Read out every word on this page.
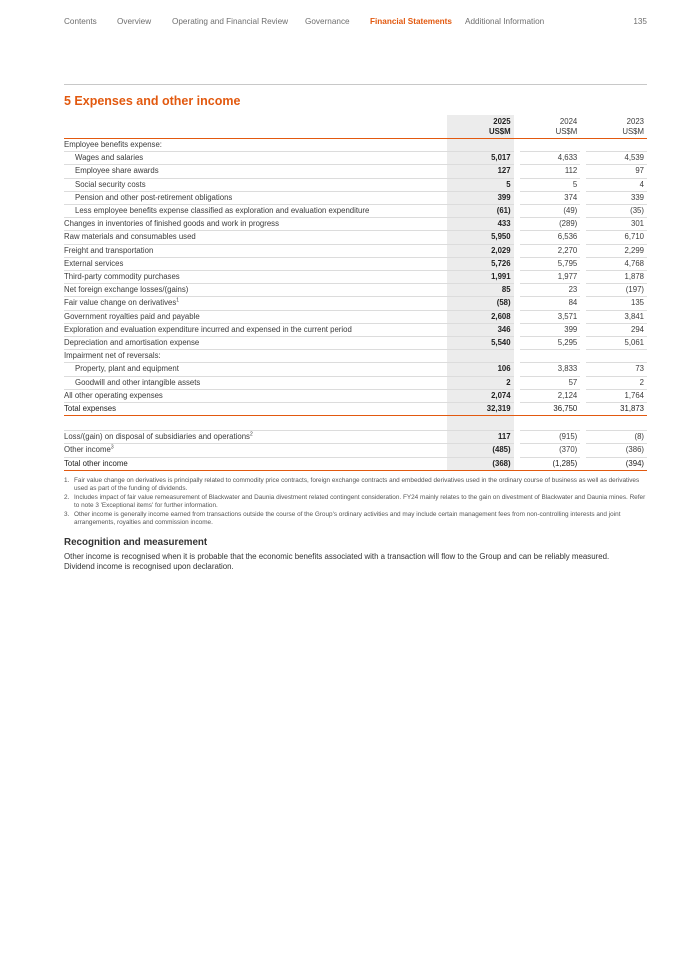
Contents Overview	Operating and Financial Review Governance Financial Statements Additional Information	135
5 Expenses and other income
	2025
US$M		2024
US$M		2023
US$M
Employee benefits expense:					
Wages and salaries	5,017		4,633		4,539
Employee share awards	127		112		97
Social security costs	5		5		4
Pension and other post-retirement obligations	399		374		339
Less employee benefits expense classified as exploration and evaluation expenditure	(61)		(49)		(35)
Changes in inventories of finished goods and work in progress	433		(289)		301
Raw materials and consumables used	5,950		6,536		6,710
Freight and transportation	2,029		2,270		2,299
External services	5,726		5,795		4,768
Third-party commodity purchases	1,991		1,977		1,878
Net foreign exchange losses/(gains)	85		23		(197)
Fair value change on derivatives$^1$	(58)		84		135
Government royalties paid and payable	2,608		3,571		3,841
Exploration and evaluation expenditure incurred and expensed in the current period	346		399		294
Depreciation and amortisation expense	5,540		5,295		5,061
Impairment net of reversals:					
Property, plant and equipment	106		3,833		73
Goodwill and other intangible assets	2		57		2
All other operating expenses	2,074		2,124		1,764
Total expenses	32,319		36,750		31,873

Loss/(gain) on disposal of subsidiaries and operations$^2$	117		(915)		(8)
Other income$^3$	(485)		(370)		(386)
Total other income	(368)		(1,285)		(394)
1. Fair value change on derivatives is principally related to commodity price contracts, foreign exchange contracts and embedded derivatives used in the ordinary course of business as well as derivatives used as part of the funding of dividends.
2. Includes impact of fair value remeasurement of Blackwater and Daunia divestment related contingent consideration. FY24 mainly relates to the gain on divestment of Blackwater and Daunia mines. Refer to note 3 'Exceptional items' for further information.
3. Other income is generally income earned from transactions outside the course of the Group's ordinary activities and may include certain management fees from non-controlling interests and joint arrangements, royalties and commission income.
Recognition and measurement

Other income is recognised when it is probable that the economic benefits associated with a transaction will flow to the Group and can be reliably measured. Dividend income is recognised upon declaration.
